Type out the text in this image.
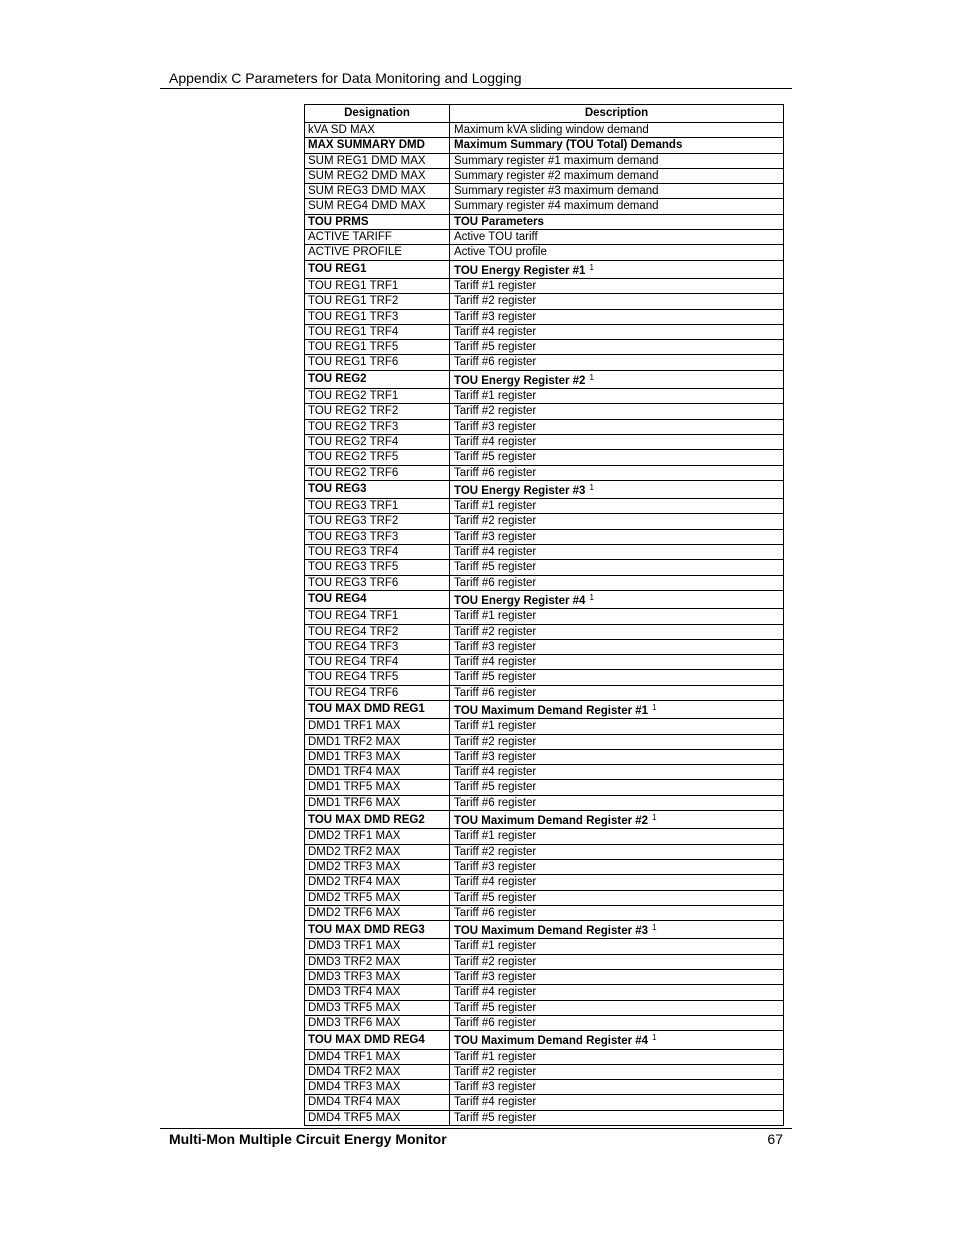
Appendix C Parameters for Data Monitoring and Logging
Designation	Description
kVA SD MAX	Maximum kVA sliding window demand
MAX SUMMARY DMD	Maximum Summary (TOU Total) Demands
SUM REG1 DMD MAX	Summary register #1 maximum demand
SUM REG2 DMD MAX	Summary register #2 maximum demand
SUM REG3 DMD MAX	Summary register #3 maximum demand
SUM REG4 DMD MAX	Summary register #4 maximum demand
TOU PRMS	TOU Parameters
ACTIVE TARIFF	Active TOU tariff
ACTIVE PROFILE	Active TOU profile
TOU REG1	TOU Energy Register #1 $^1$
TOU REG1 TRF1	Tariff #1 register
TOU REG1 TRF2	Tariff #2 register
TOU REG1 TRF3	Tariff #3 register
TOU REG1 TRF4	Tariff #4 register
TOU REG1 TRF5	Tariff #5 register
TOU REG1 TRF6	Tariff #6 register
TOU REG2	TOU Energy Register #2 $^1$
TOU REG2 TRF1	Tariff #1 register
TOU REG2 TRF2	Tariff #2 register
TOU REG2 TRF3	Tariff #3 register
TOU REG2 TRF4	Tariff #4 register
TOU REG2 TRF5	Tariff #5 register
TOU REG2 TRF6	Tariff #6 register
TOU REG3	TOU Energy Register #3 $^1$
TOU REG3 TRF1	Tariff #1 register
TOU REG3 TRF2	Tariff #2 register
TOU REG3 TRF3	Tariff #3 register
TOU REG3 TRF4	Tariff #4 register
TOU REG3 TRF5	Tariff #5 register
TOU REG3 TRF6	Tariff #6 register
TOU REG4	TOU Energy Register #4 $^1$
TOU REG4 TRF1	Tariff #1 register
TOU REG4 TRF2	Tariff #2 register
TOU REG4 TRF3	Tariff #3 register
TOU REG4 TRF4	Tariff #4 register
TOU REG4 TRF5	Tariff #5 register
TOU REG4 TRF6	Tariff #6 register
TOU MAX DMD REG1	TOU Maximum Demand Register #1 $^1$
DMD1 TRF1 MAX	Tariff #1 register
DMD1 TRF2 MAX	Tariff #2 register
DMD1 TRF3 MAX	Tariff #3 register
DMD1 TRF4 MAX	Tariff #4 register
DMD1 TRF5 MAX	Tariff #5 register
DMD1 TRF6 MAX	Tariff #6 register
TOU MAX DMD REG2	TOU Maximum Demand Register #2 $^1$
DMD2 TRF1 MAX	Tariff #1 register
DMD2 TRF2 MAX	Tariff #2 register
DMD2 TRF3 MAX	Tariff #3 register
DMD2 TRF4 MAX	Tariff #4 register
DMD2 TRF5 MAX	Tariff #5 register
DMD2 TRF6 MAX	Tariff #6 register
TOU MAX DMD REG3	TOU Maximum Demand Register #3 $^1$
DMD3 TRF1 MAX	Tariff #1 register
DMD3 TRF2 MAX	Tariff #2 register
DMD3 TRF3 MAX	Tariff #3 register
DMD3 TRF4 MAX	Tariff #4 register
DMD3 TRF5 MAX	Tariff #5 register
DMD3 TRF6 MAX	Tariff #6 register
TOU MAX DMD REG4	TOU Maximum Demand Register #4 $^1$
DMD4 TRF1 MAX	Tariff #1 register
DMD4 TRF2 MAX	Tariff #2 register
DMD4 TRF3 MAX	Tariff #3 register
DMD4 TRF4 MAX	Tariff #4 register
DMD4 TRF5 MAX	Tariff #5 register
Multi-Mon Multiple Circuit Energy Monitor	67
